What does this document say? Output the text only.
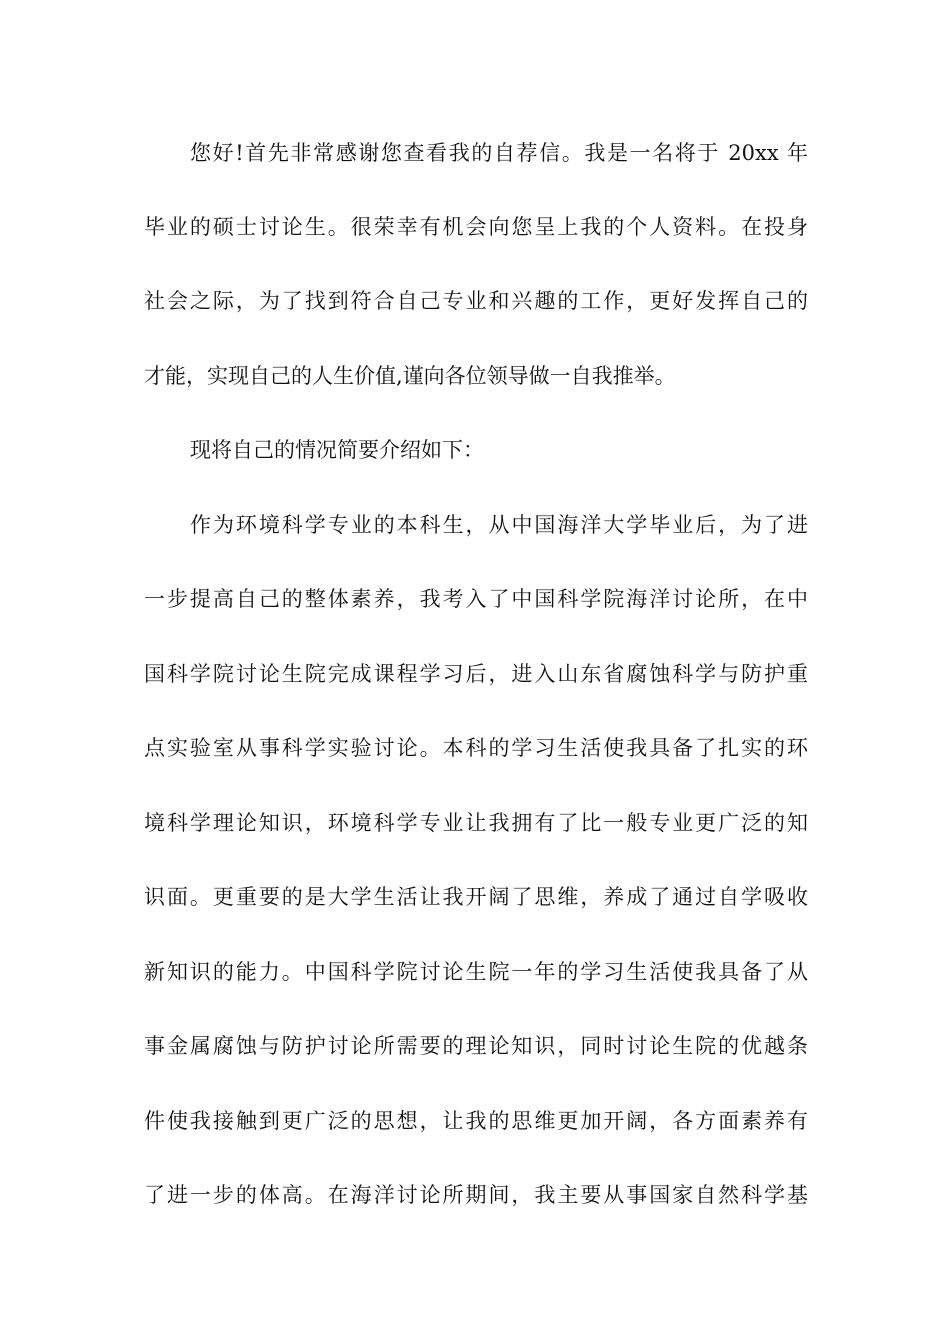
您好!首先非常感谢您查看我的自荐信。我是一名将于 20xx 年
毕业的硕士讨论生。很荣幸有机会向您呈上我的个人资料。在投身
社会之际，为了找到符合自己专业和兴趣的工作，更好发挥自己的
才能，实现自己的人生价值,谨向各位领导做一自我推举。
现将自己的情况简要介绍如下：
作为环境科学专业的本科生，从中国海洋大学毕业后，为了进
一步提高自己的整体素养，我考入了中国科学院海洋讨论所，在中
国科学院讨论生院完成课程学习后，进入山东省腐蚀科学与防护重
点实验室从事科学实验讨论。本科的学习生活使我具备了扎实的环
境科学理论知识，环境科学专业让我拥有了比一般专业更广泛的知
识面。更重要的是大学生活让我开阔了思维，养成了通过自学吸收
新知识的能力。中国科学院讨论生院一年的学习生活使我具备了从
事金属腐蚀与防护讨论所需要的理论知识，同时讨论生院的优越条
件使我接触到更广泛的思想，让我的思维更加开阔，各方面素养有
了进一步的体高。在海洋讨论所期间，我主要从事国家自然科学基
